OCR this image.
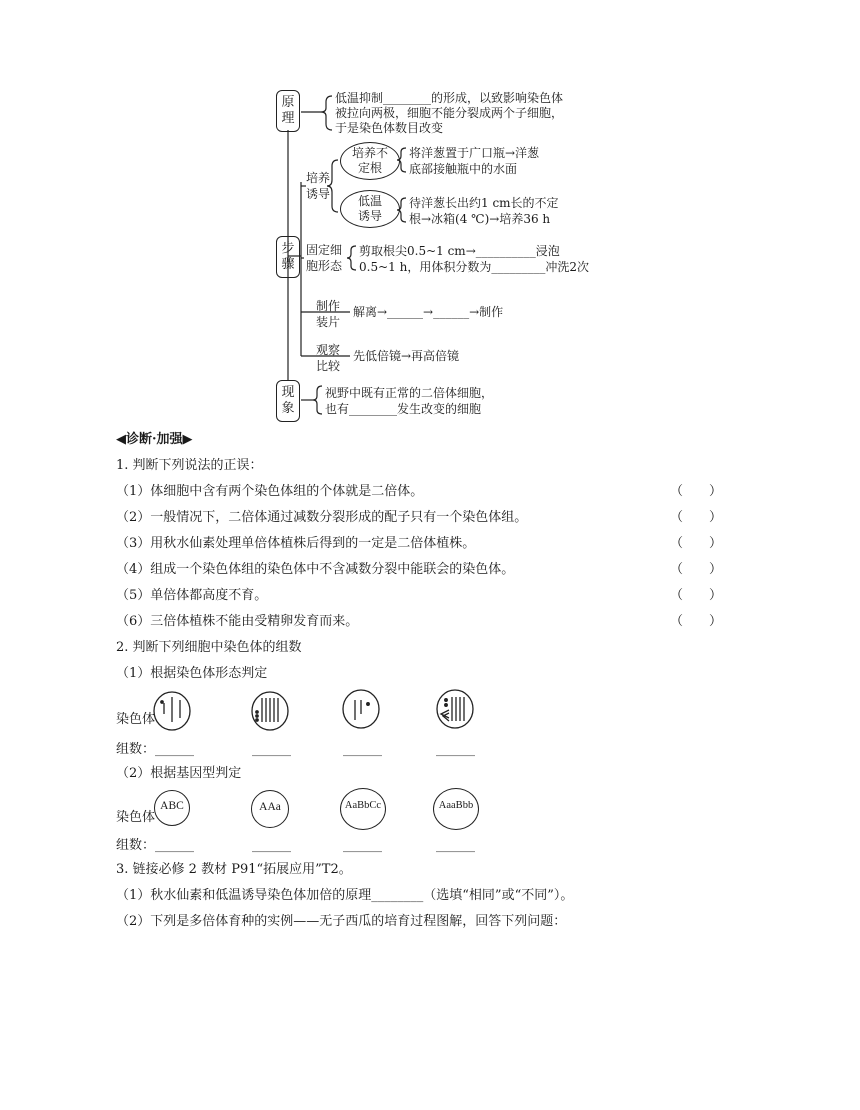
原理
低温抑制________的形成，以致影响染色体
被拉向两极，细胞不能分裂成两个子细胞，
于是染色体数目改变
培养诱导
培养不定根
将洋葱置于广口瓶→洋葱
底部接触瓶中的水面
低温诱导
待洋葱长出约1 cm长的不定
根→冰箱(4 ℃)→培养36 h
步骤
固定细胞形态
剪取根尖0.5~1 cm→__________浸泡
0.5~1 h，用体积分数为_________冲洗2次
制作装片
解离→______→______→制作
观察比较
先低倍镜→再高倍镜
现象
视野中既有正常的二倍体细胞，
也有________发生改变的细胞
◀诊断·加强▶
1. 判断下列说法的正误：
（1）体细胞中含有两个染色体组的个体就是二倍体。	（　　）
（2）一般情况下，二倍体通过减数分裂形成的配子只有一个染色体组。	（　　）
（3）用秋水仙素处理单倍体植株后得到的一定是二倍体植株。	（　　）
（4）组成一个染色体组的染色体中不含减数分裂中能联会的染色体。	（　　）
（5）单倍体都高度不育。	（　　）
（6）三倍体植株不能由受精卵发育而来。	（　　）
2. 判断下列细胞中染色体的组数
（1）根据染色体形态判定
染色体
组数：______	______	______	______
（2）根据基因型判定
染色体
ABC	AAa	AaBbCc	AaaBbb
组数：______	______	______	______
3. 链接必修 2 教材 P91“拓展应用”T2。
（1）秋水仙素和低温诱导染色体加倍的原理________（选填“相同”或“不同”）。
（2）下列是多倍体育种的实例——无子西瓜的培育过程图解，回答下列问题：
